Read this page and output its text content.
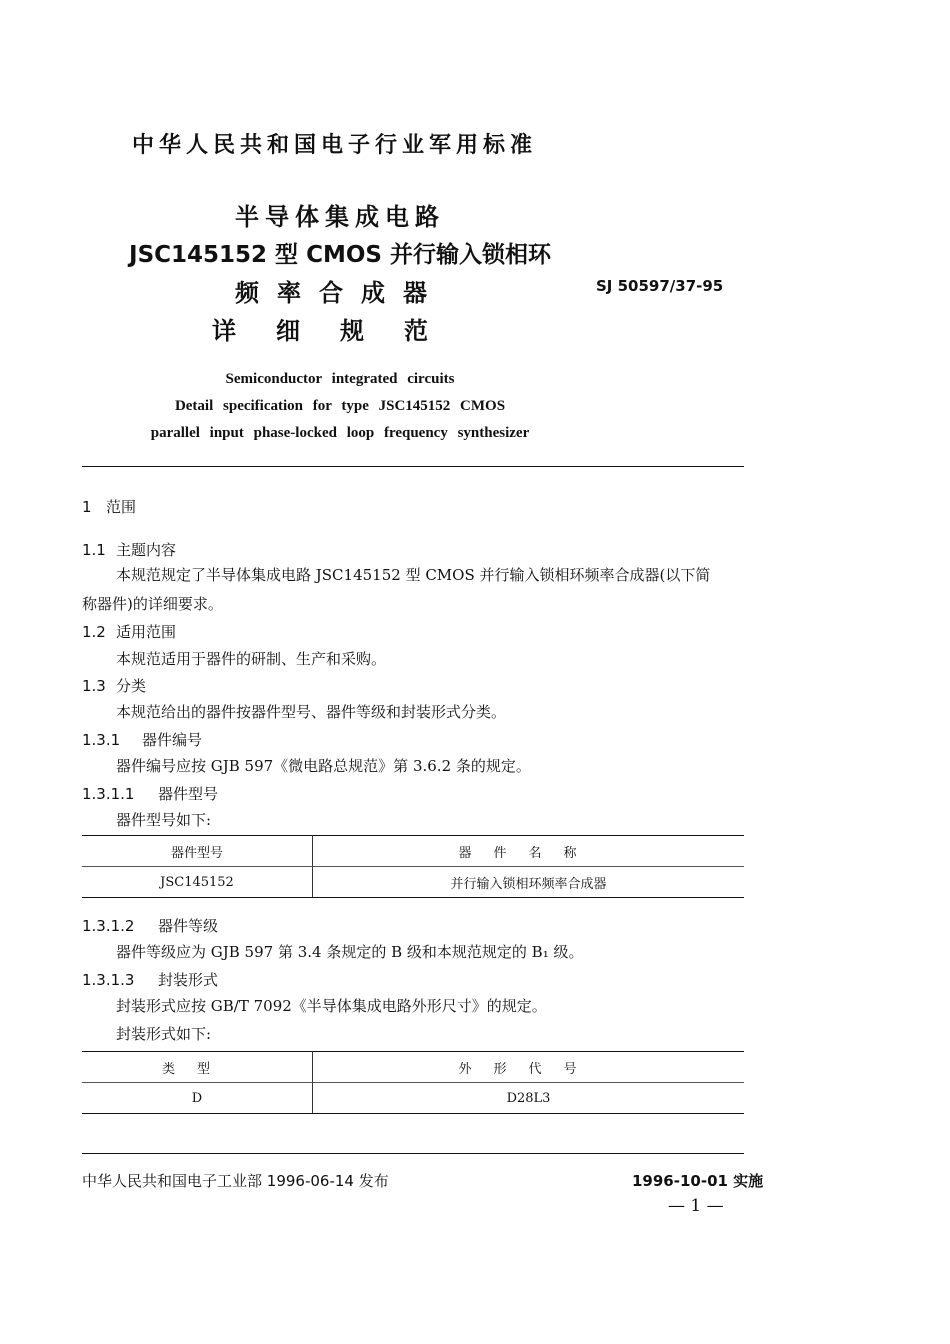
中华人民共和国电子行业军用标准
半导体集成电路
JSC145152 型 CMOS 并行输入锁相环
频率合成器
详细规范
SJ 50597/37-95
Semiconductor integrated circuits
Detail specification for type JSC145152 CMOS
parallel input phase-locked loop frequency synthesizer
1 范围
1.1 主题内容
本规范规定了半导体集成电路 JSC145152 型 CMOS 并行输入锁相环频率合成器(以下简
称器件)的详细要求。
1.2 适用范围
本规范适用于器件的研制、生产和采购。
1.3 分类
本规范给出的器件按器件型号、器件等级和封装形式分类。
1.3.1 器件编号
器件编号应按 GJB 597《微电路总规范》第 3.6.2 条的规定。
1.3.1.1 器件型号
器件型号如下:
器件型号	器件名称
JSC145152	并行输入锁相环频率合成器
1.3.1.2 器件等级
器件等级应为 GJB 597 第 3.4 条规定的 B 级和本规范规定的 B₁ 级。
1.3.1.3 封装形式
封装形式应按 GB/T 7092《半导体集成电路外形尺寸》的规定。
封装形式如下:
类型	外形代号
D	D28L3
中华人民共和国电子工业部 1996-06-14 发布	1996-10-01 实施
— 1 —
